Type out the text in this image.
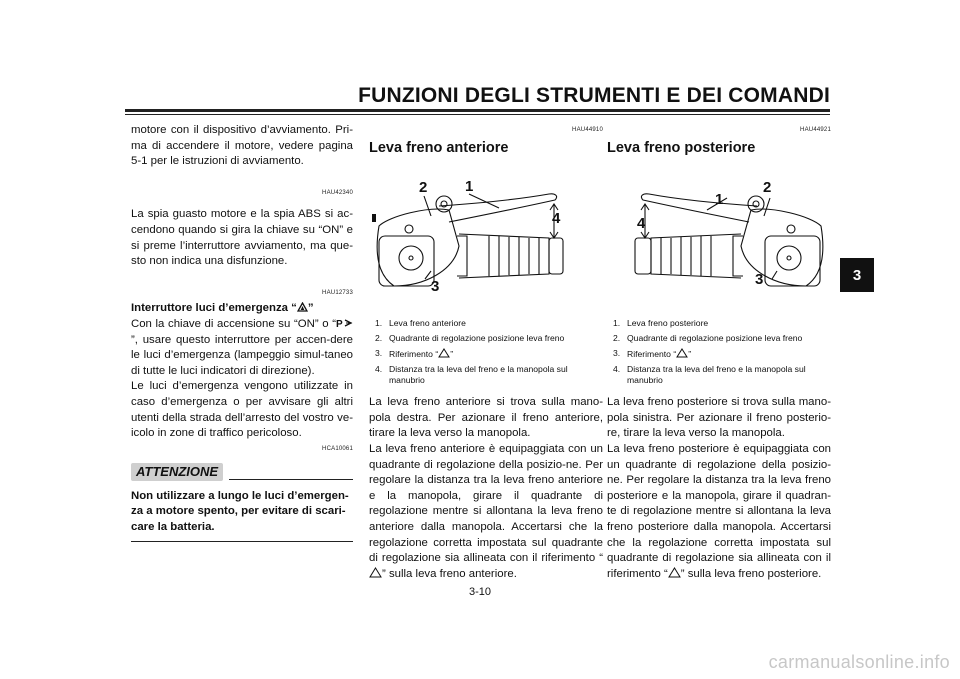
FUNZIONI DEGLI STRUMENTI E DEI COMANDI
3

motore con il dispositivo d’avviamento. Pri-ma di accendere il motore, vedere pagina 5-1 per le istruzioni di avviamento.

HAU42340

La spia guasto motore e la spia ABS si ac-cendono quando si gira la chiave su “ON” e si preme l’interruttore avviamento, ma que-sto non indica una disfunzione.

HAU12733
Interruttore luci d’emergenza “ ”

Con la chiave di accensione su “ON” o “ P
”, usare questo interruttore per accen-dere le luci d’emergenza (lampeggio simul-taneo di tutte le luci indicatori di direzione).

Le luci d’emergenza vengono utilizzate in caso d’emergenza o per avvisare gli altri utenti della strada dell’arresto del vostro ve-icolo in zone di traffico pericoloso.

HCA10061
ATTENZIONE

Non utilizzare a lungo le luci d’emergen-za a motore spento, per evitare di scari-care la batteria.

HAU44910
Leva freno anteriore
1
2
3
4
1. Leva freno anteriore
2. Quadrante di regolazione posizione leva freno
3. Riferimento “ ”
4. Distanza tra la leva del freno e la manopola sul manubrio

La leva freno anteriore si trova sulla mano-pola destra. Per azionare il freno anteriore, tirare la leva verso la manopola.

La leva freno anteriore è equipaggiata con un quadrante di regolazione della posizio-ne. Per regolare la distanza tra la leva freno anteriore e la manopola, girare il quadrante di regolazione mentre si allontana la leva freno anteriore dalla manopola. Accertarsi che la regolazione corretta impostata sul quadrante di regolazione sia allineata con il riferimento “” sulla leva freno anteriore.

HAU44921
Leva freno posteriore
1
2
3
4
1. Leva freno posteriore
2. Quadrante di regolazione posizione leva freno
3. Riferimento “ ”
4. Distanza tra la leva del freno e la manopola sul manubrio

La leva freno posteriore si trova sulla mano-pola sinistra. Per azionare il freno posterio-re, tirare la leva verso la manopola.

La leva freno posteriore è equipaggiata con un quadrante di regolazione della posizio-ne. Per regolare la distanza tra la leva freno posteriore e la manopola, girare il quadran-te di regolazione mentre si allontana la leva freno posteriore dalla manopola. Accertarsi che la regolazione corretta impostata sul quadrante di regolazione sia allineata con il riferimento “ ” sulla leva freno posteriore.

3-10
carmanualsonline.info
